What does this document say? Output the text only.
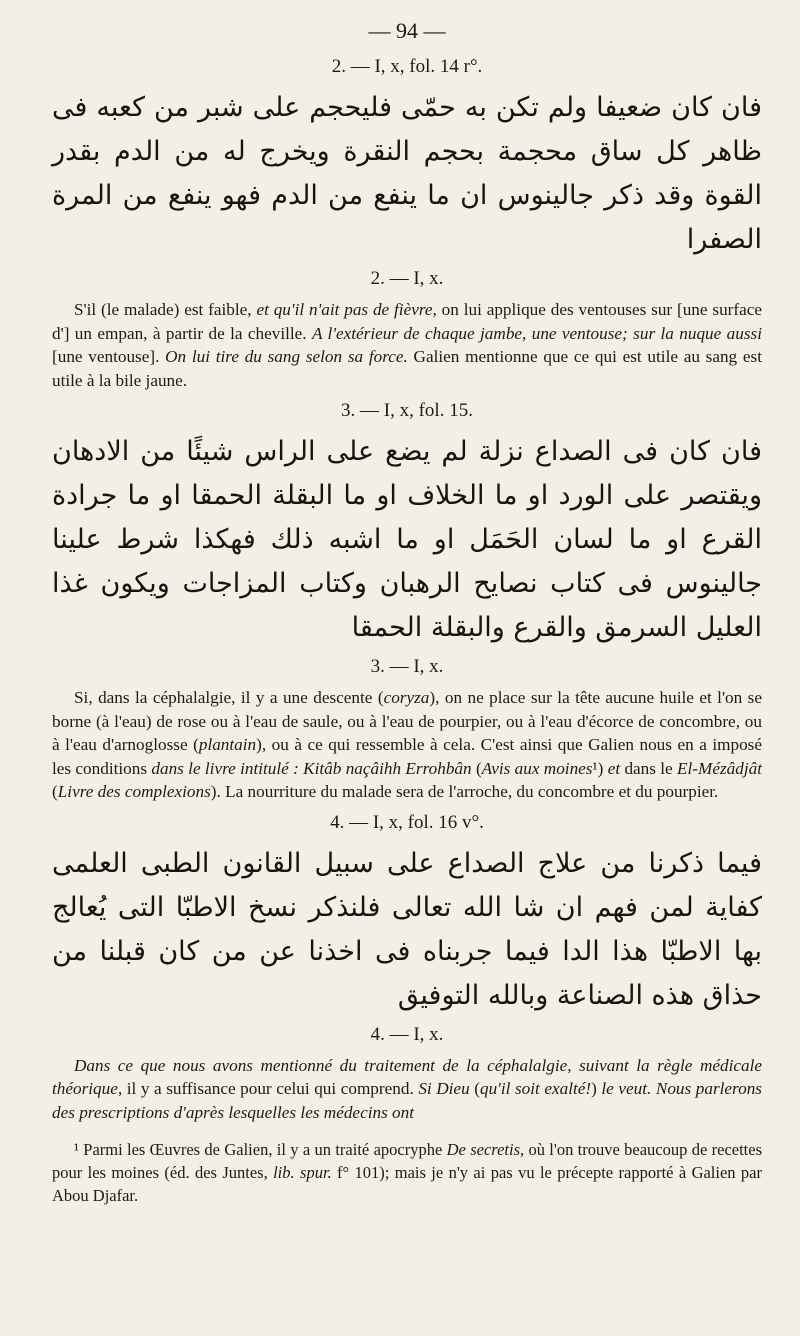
— 94 —
2. — I, x, fol. 14 r°.

فان كان ضعيفا ولم تكن به حمّى فليحجم على شبر من كعبه فى ظاهر كل ساق محجمة بحجم النقرة ويخرج له من الدم بقدر القوة وقد ذكر جالينوس ان ما ينفع من الدم فهو ينفع من المرة الصفرا

2. — I, x.

S'il (le malade) est faible, et qu'il n'ait pas de fièvre, on lui applique des ventouses sur [une surface d'] un empan, à partir de la cheville. A l'extérieur de chaque jambe, une ventouse; sur la nuque aussi [une ventouse]. On lui tire du sang selon sa force. Galien mentionne que ce qui est utile au sang est utile à la bile jaune.

3. — I, x, fol. 15.

فان كان فى الصداع نزلة لم يضع على الراس شيئًا من الادهان ويقتصر على الورد او ما الخلاف او ما البقلة الحمقا او ما جرادة القرع او ما لسان الحَمَل او ما اشبه ذلك فهكذا شرط علينا جالينوس فى كتاب نصايح الرهبان وكتاب المزاجات ويكون غذا العليل السرمق والقرع والبقلة الحمقا

3. — I, x.

Si, dans la céphalalgie, il y a une descente (coryza), on ne place sur la tête aucune huile et l'on se borne (à l'eau) de rose ou à l'eau de saule, ou à l'eau de pourpier, ou à l'eau d'écorce de concombre, ou à l'eau d'arnoglosse (plantain), ou à ce qui ressemble à cela. C'est ainsi que Galien nous en a imposé les conditions dans le livre intitulé : Kitâb naçâihh Errohbân (Avis aux moines¹) et dans le El-Mézâdjât (Livre des complexions). La nourriture du malade sera de l'arroche, du concombre et du pourpier.

4. — I, x, fol. 16 v°.

فيما ذكرنا من علاج الصداع على سبيل القانون الطبى العلمى كفاية لمن فهم ان شا الله تعالى فلنذكر نسخ الاطبّا التى يُعالج بها الاطبّا هذا الدا فيما جربناه فى اخذنا عن من كان قبلنا من حذاق هذه الصناعة وبالله التوفيق

4. — I, x.

Dans ce que nous avons mentionné du traitement de la céphalalgie, suivant la règle médicale théorique, il y a suffisance pour celui qui comprend. Si Dieu (qu'il soit exalté!) le veut. Nous parlerons des prescriptions d'après lesquelles les médecins ont

¹ Parmi les Œuvres de Galien, il y a un traité apocryphe De secretis, où l'on trouve beaucoup de recettes pour les moines (éd. des Juntes, lib. spur. f° 101); mais je n'y ai pas vu le précepte rapporté à Galien par Abou Djafar.
